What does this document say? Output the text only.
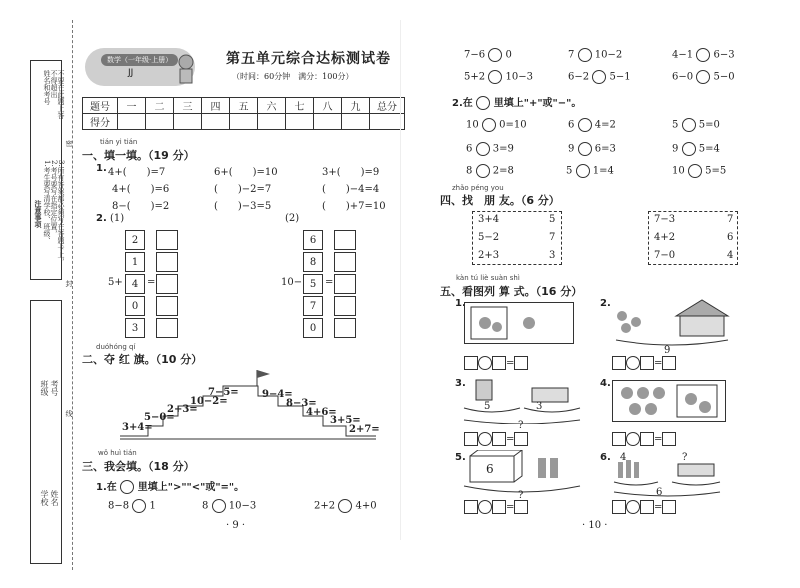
注意事项 1.考生要写清学校、班级、 2.考号要写在指定位置， 3.所有答案都必须写在答题卡上，
姓名和考号 不得超出 不要在此题上答
学校 姓名
班级 考号
密
封
线
数学（一年级·上册）
JJ
第五单元综合达标测试卷
（时间：60分钟　满分：100分）
题号	一	二	三	四	五	六	七	八	九	总分
得分										
tián yi tián
一、填一填。（19 分）
1. 4+(　　)=7	6+(　　)=10	3+(　　)=9
4+(　　)=6	(　　)−2=7	(　　)−4=4
8−(　　)=2	(　　)−3=5	(　　)+7=10
2. (1)	(2)
5+ =
2
1
4
0
3
10− =
6
8
5
7
0
duóhóng qí
二、夺 红 旗。（10 分）
3+4=
5−0=
2+3=
10−2=
7−5= 9−4=
8−3=
4+6=
3+5=
2+7=
wǒ huì tián
三、我会填。（18 分）
1.在 里填上">""<"或"="。
8−8 1	8 10−3	2+2 4+0
· 9 ·
7−6 0	7 10−2	4−1 6−3
5+2 10−3	6−2 5−1	6−0 5−0
2.在 里填上"+"或"−"。
10 0=10	6 4=2	5 5=0
6 3=9	9 6=3	9 5=4
8 2=8	5 1=4	10 5=5
zhǎo péng you
四、找　朋 友。（6 分）
3+4	5
5−2	7
2+3	3
7−3	7
4+2	6
7−0	4
kàn tú liè suàn shì
五、看图列 算 式。（16 分）
1.
=
2.
9
=
3.
5	3
?
=
4.
=
5.
6
?
=
6. 4	?
6
=
· 10 ·
